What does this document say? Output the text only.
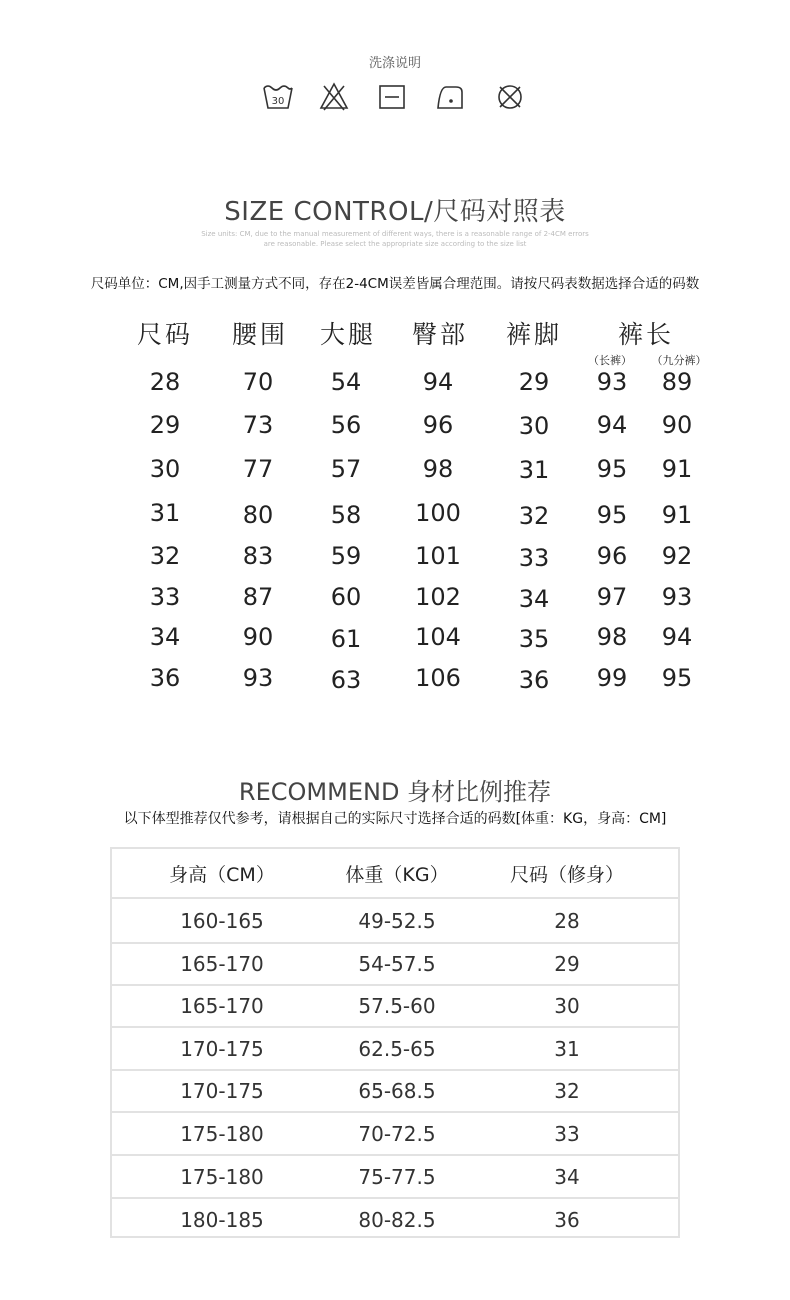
洗涤说明
30
SIZE CONTROL/尺码对照表
Size units: CM, due to the manual measurement of different ways, there is a reasonable range of 2-4CM errors
are reasonable. Please select the appropriate size according to the size list
尺码单位：CM,因手工测量方式不同，存在2-4CM误差皆属合理范围。请按尺码表数据选择合适的码数
尺码 腰围 大腿 臀部 裤脚 裤长
（长裤） （九分裤）
28	70 54	94	29 93 89
29	73 56	96	30 94 90
30	77 57	98	31 95 91
31	80 58 100 32 95 91
32	83 59 101 33 96 92
33	87 60 102 34 97 93
34	90 61 104 35 98 94
36	93 63 106 36 99 95
RECOMMEND 身材比例推荐
以下体型推荐仅代参考，请根据自己的实际尺寸选择合适的码数[体重：KG，身高：CM]
身高（CM）	体重（KG）	尺码（修身）
160-165	49-52.5	28
165-170	54-57.5	29
165-170	57.5-60	30
170-175	62.5-65	31
170-175	65-68.5	32
175-180	70-72.5	33
175-180	75-77.5	34
180-185	80-82.5	36
